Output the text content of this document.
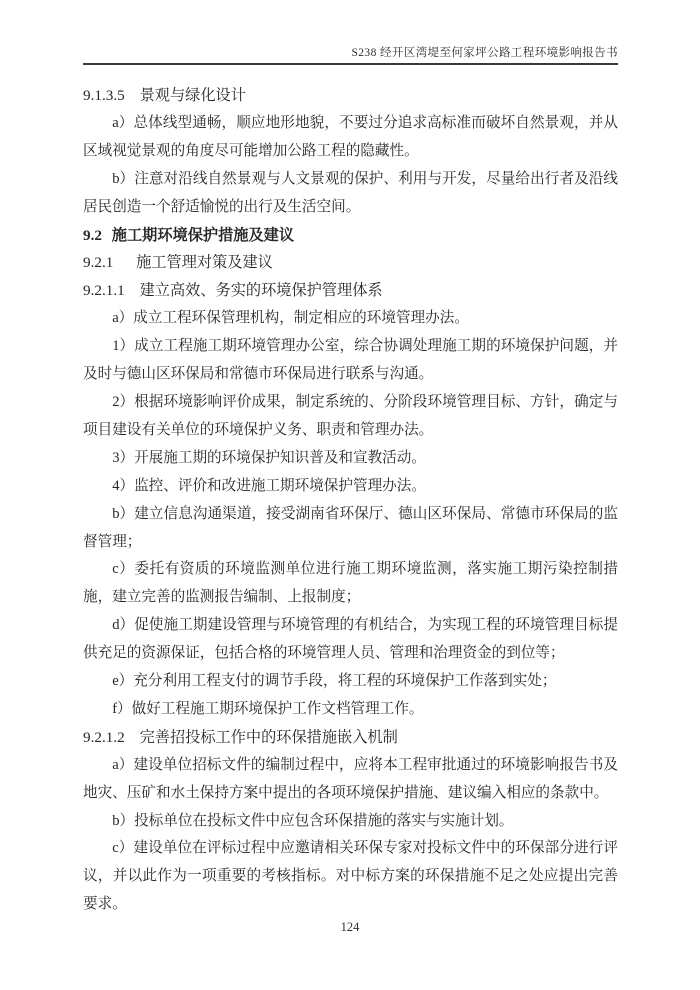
S238 经开区湾堤至何家坪公路工程环境影响报告书
9.1.3.5 景观与绿化设计

a）总体线型通畅，顺应地形地貌，不要过分追求高标准而破坏自然景观，并从区域视觉景观的角度尽可能增加公路工程的隐藏性。

b）注意对沿线自然景观与人文景观的保护、利用与开发，尽量给出行者及沿线居民创造一个舒适愉悦的出行及生活空间。

9.2 施工期环境保护措施及建议
9.2.1 施工管理对策及建议
9.2.1.1 建立高效、务实的环境保护管理体系

a）成立工程环保管理机构，制定相应的环境管理办法。

1）成立工程施工期环境管理办公室，综合协调处理施工期的环境保护问题，并及时与德山区环保局和常德市环保局进行联系与沟通。

2）根据环境影响评价成果，制定系统的、分阶段环境管理目标、方针，确定与项目建设有关单位的环境保护义务、职责和管理办法。

3）开展施工期的环境保护知识普及和宣教活动。

4）监控、评价和改进施工期环境保护管理办法。

b）建立信息沟通渠道，接受湖南省环保厅、德山区环保局、常德市环保局的监督管理；

c）委托有资质的环境监测单位进行施工期环境监测，落实施工期污染控制措施，建立完善的监测报告编制、上报制度；

d）促使施工期建设管理与环境管理的有机结合，为实现工程的环境管理目标提供充足的资源保证，包括合格的环境管理人员、管理和治理资金的到位等；

e）充分利用工程支付的调节手段，将工程的环境保护工作落到实处；

f）做好工程施工期环境保护工作文档管理工作。

9.2.1.2 完善招投标工作中的环保措施嵌入机制

a）建设单位招标文件的编制过程中，应将本工程审批通过的环境影响报告书及地灾、压矿和水土保持方案中提出的各项环境保护措施、建议编入相应的条款中。

b）投标单位在投标文件中应包含环保措施的落实与实施计划。

c）建设单位在评标过程中应邀请相关环保专家对投标文件中的环保部分进行评议，并以此作为一项重要的考核指标。对中标方案的环保措施不足之处应提出完善要求。

124
